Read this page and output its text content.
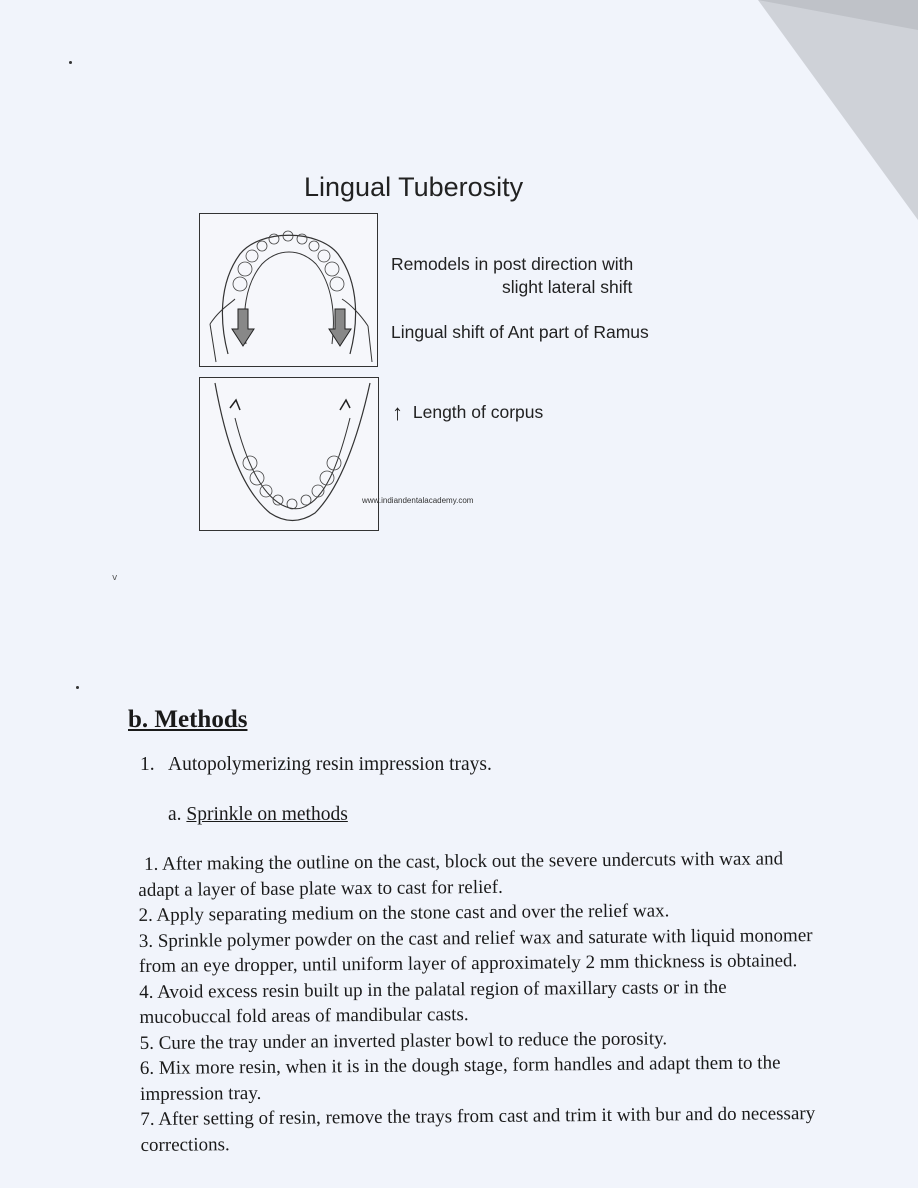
v
Lingual Tuberosity
Remodels in post direction with
slight lateral shift
Lingual shift of Ant part of Ramus
↑ Length of corpus
www.indiandentalacademy.com
b. Methods
1. Autopolymerizing resin impression trays.
a. Sprinkle on methods

1. After making the outline on the cast, block out the severe undercuts with wax and adapt a layer of base plate wax to cast for relief.

2. Apply separating medium on the stone cast and over the relief wax.

3. Sprinkle polymer powder on the cast and relief wax and saturate with liquid monomer from an eye dropper, until uniform layer of approximately 2 mm thickness is obtained.

4. Avoid excess resin built up in the palatal region of maxillary casts or in the mucobuccal fold areas of mandibular casts.

5. Cure the tray under an inverted plaster bowl to reduce the porosity.

6. Mix more resin, when it is in the dough stage, form handles and adapt them to the impression tray.

7. After setting of resin, remove the trays from cast and trim it with bur and do necessary corrections.
